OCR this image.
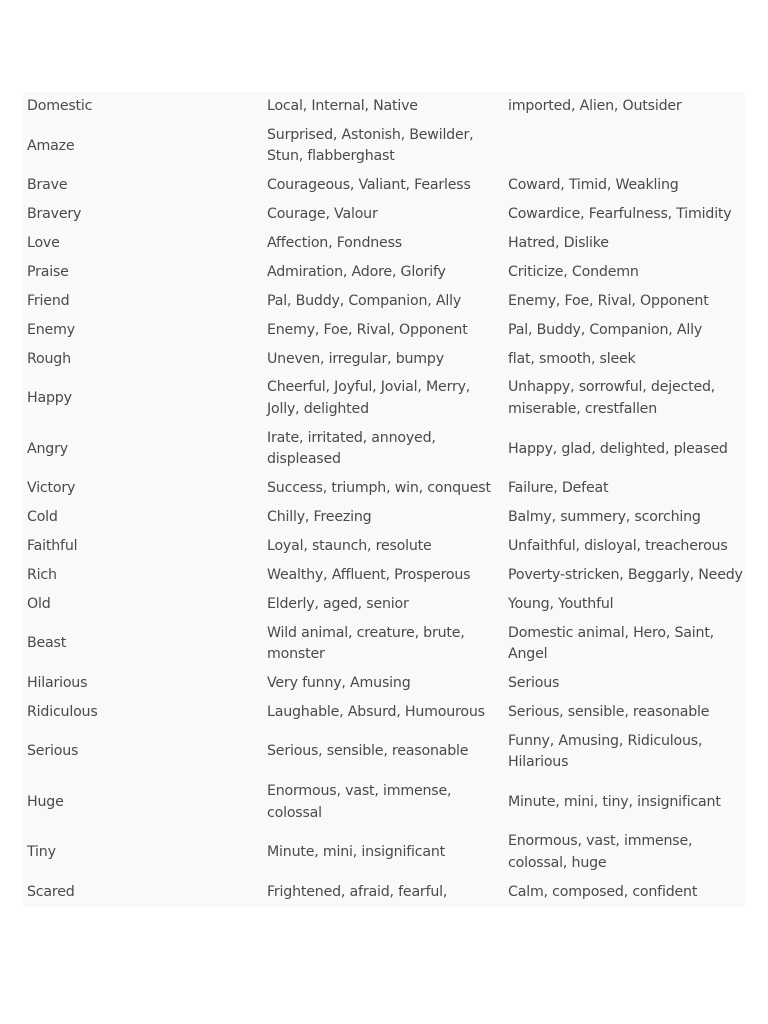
Domestic	Local, Internal, Native	imported, Alien, Outsider
Amaze	Surprised, Astonish, Bewilder, Stun, flabberghast	
Brave	Courageous, Valiant, Fearless	Coward, Timid, Weakling
Bravery	Courage, Valour	Cowardice, Fearfulness, Timidity
Love	Affection, Fondness	Hatred, Dislike
Praise	Admiration, Adore, Glorify	Criticize, Condemn
Friend	Pal, Buddy, Companion, Ally	Enemy, Foe, Rival, Opponent
Enemy	Enemy, Foe, Rival, Opponent	Pal, Buddy, Companion, Ally
Rough	Uneven, irregular, bumpy	flat, smooth, sleek
Happy	Cheerful, Joyful, Jovial, Merry, Jolly, delighted	Unhappy, sorrowful, dejected, miserable, crestfallen
Angry	Irate, irritated, annoyed, displeased	Happy, glad, delighted, pleased
Victory	Success, triumph, win, conquest	Failure, Defeat
Cold	Chilly, Freezing	Balmy, summery, scorching
Faithful	Loyal, staunch, resolute	Unfaithful, disloyal, treacherous
Rich	Wealthy, Affluent, Prosperous	Poverty-stricken, Beggarly, Needy
Old	Elderly, aged, senior	Young, Youthful
Beast	Wild animal, creature, brute, monster	Domestic animal, Hero, Saint, Angel
Hilarious	Very funny, Amusing	Serious
Ridiculous	Laughable, Absurd, Humourous	Serious, sensible, reasonable
Serious	Serious, sensible, reasonable	Funny, Amusing, Ridiculous, Hilarious
Huge	Enormous, vast, immense, colossal	Minute, mini, tiny, insignificant
Tiny	Minute, mini, insignificant	Enormous, vast, immense, colossal, huge
Scared	Frightened, afraid, fearful,	Calm, composed, confident
